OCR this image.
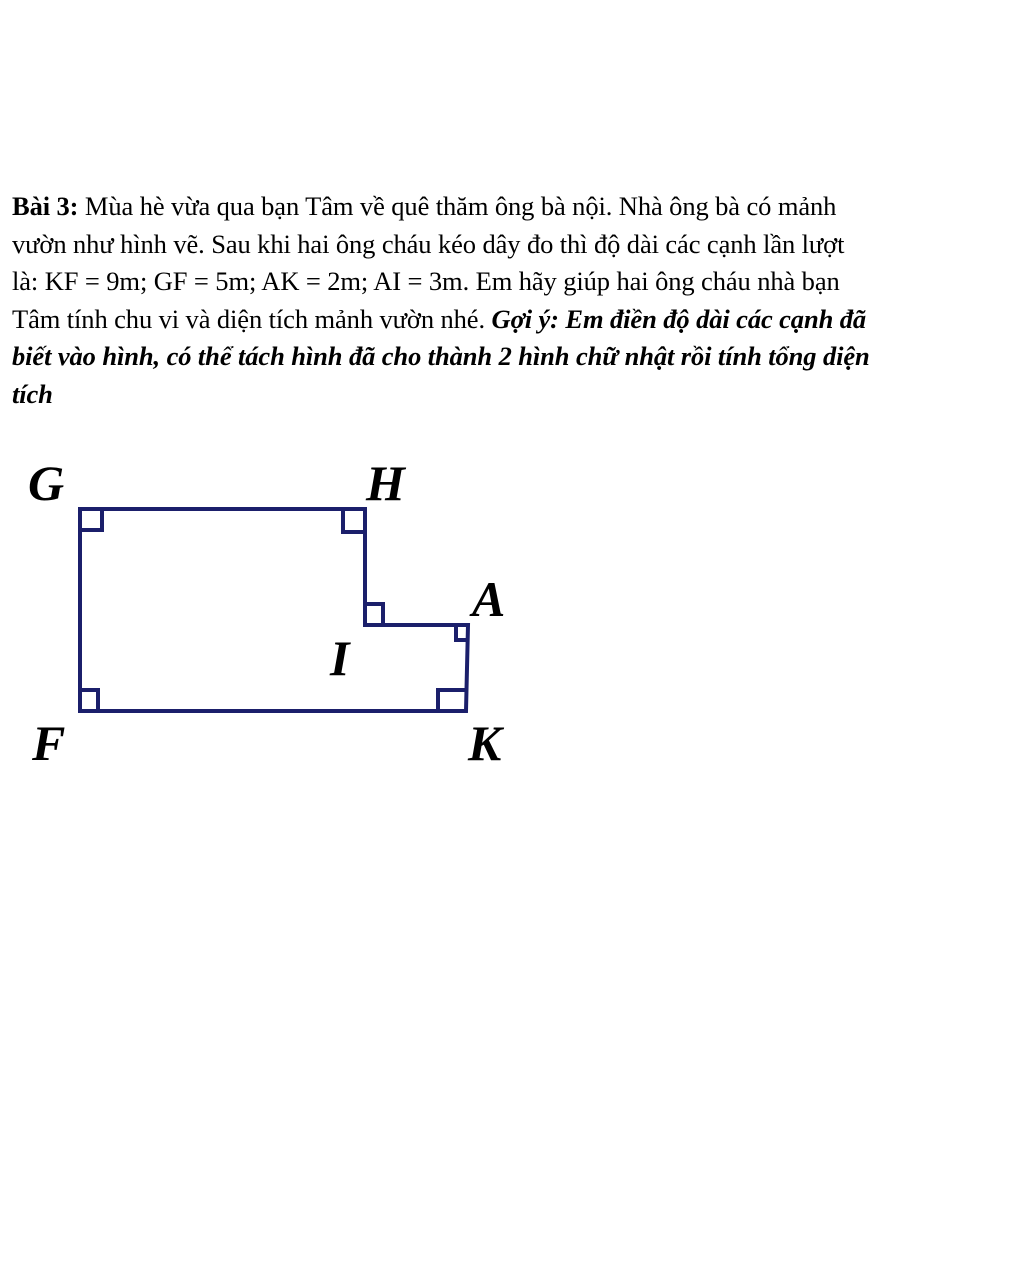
Bài 3: Mùa hè vừa qua bạn Tâm về quê thăm ông bà nội. Nhà ông bà có mảnh
vườn như hình vẽ. Sau khi hai ông cháu kéo dây đo thì độ dài các cạnh lần lượt
là: KF = 9m; GF = 5m; AK = 2m; AI = 3m. Em hãy giúp hai ông cháu nhà bạn
Tâm tính chu vi và diện tích mảnh vườn nhé. Gợi ý: Em điền độ dài các cạnh đã
biết vào hình, có thể tách hình đã cho thành 2 hình chữ nhật rồi tính tổng diện
tích
G	H
A
I
F	K
